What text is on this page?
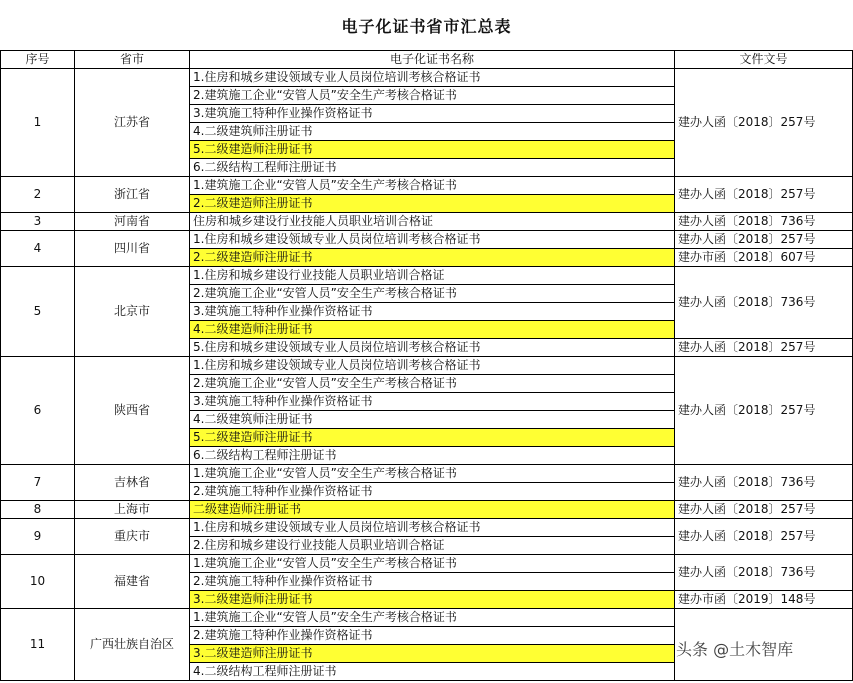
电子化证书省市汇总表
序号	省市	电子化证书名称	文件文号
1	江苏省	1.住房和城乡建设领域专业人员岗位培训考核合格证书	建办人函〔2018〕257号
		2.建筑施工企业“安管人员”安全生产考核合格证书	
		3.建筑施工特种作业操作资格证书	
		4.二级建筑师注册证书	
		5.二级建造师注册证书	
		6.二级结构工程师注册证书	
2	浙江省	1.建筑施工企业“安管人员”安全生产考核合格证书	建办人函〔2018〕257号
		2.二级建造师注册证书	
3	河南省	住房和城乡建设行业技能人员职业培训合格证	建办人函〔2018〕736号
4	四川省	1.住房和城乡建设领域专业人员岗位培训考核合格证书	建办人函〔2018〕257号
		2.二级建造师注册证书	建办市函〔2018〕607号
5	北京市	1.住房和城乡建设行业技能人员职业培训合格证	建办人函〔2018〕736号
		2.建筑施工企业“安管人员”安全生产考核合格证书	
		3.建筑施工特种作业操作资格证书	
		4.二级建造师注册证书	
		5.住房和城乡建设领域专业人员岗位培训考核合格证书	建办人函〔2018〕257号
6	陕西省	1.住房和城乡建设领域专业人员岗位培训考核合格证书	建办人函〔2018〕257号
		2.建筑施工企业“安管人员”安全生产考核合格证书	
		3.建筑施工特种作业操作资格证书	
		4.二级建筑师注册证书	
		5.二级建造师注册证书	
		6.二级结构工程师注册证书	
7	吉林省	1.建筑施工企业“安管人员”安全生产考核合格证书	建办人函〔2018〕736号
		2.建筑施工特种作业操作资格证书	
8	上海市	二级建造师注册证书	建办人函〔2018〕257号
9	重庆市	1.住房和城乡建设领域专业人员岗位培训考核合格证书	建办人函〔2018〕257号
		2.住房和城乡建设行业技能人员职业培训合格证	
10	福建省	1.建筑施工企业“安管人员”安全生产考核合格证书	建办人函〔2018〕736号
		2.建筑施工特种作业操作资格证书	
		3.二级建造师注册证书	建办市函〔2019〕148号
11	广西壮族自治区	1.建筑施工企业“安管人员”安全生产考核合格证书	
		2.建筑施工特种作业操作资格证书	
		3.二级建造师注册证书	
		4.二级结构工程师注册证书	
头条 @土木智库
